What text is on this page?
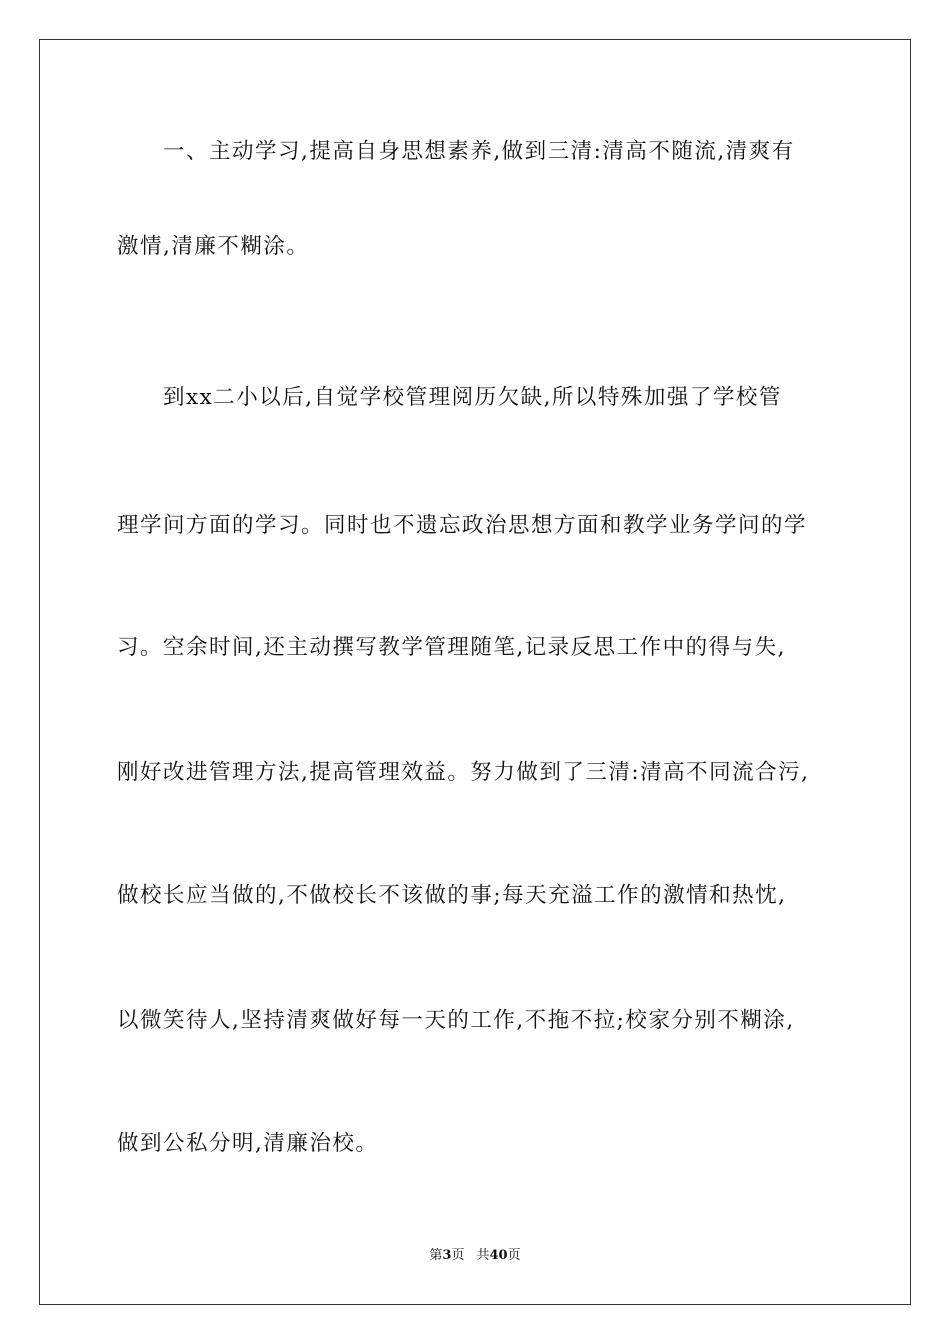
一、主动学习,提高自身思想素养,做到三清:清高不随流,清爽有
激情,清廉不糊涂。
到xx二小以后,自觉学校管理阅历欠缺,所以特殊加强了学校管
理学问方面的学习。同时也不遗忘政治思想方面和教学业务学问的学
习。空余时间,还主动撰写教学管理随笔,记录反思工作中的得与失,
刚好改进管理方法,提高管理效益。努力做到了三清:清高不同流合污,
做校长应当做的,不做校长不该做的事;每天充溢工作的激情和热忱,
以微笑待人,坚持清爽做好每一天的工作,不拖不拉;校家分别不糊涂,
做到公私分明,清廉治校。
第3页 共40页
